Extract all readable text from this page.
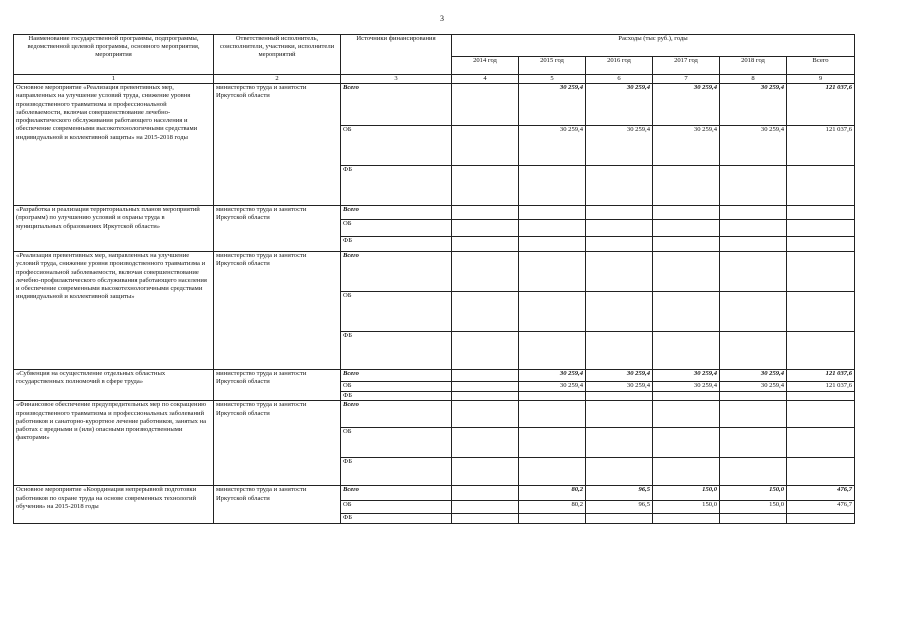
3
Наименование государственной программы, подпрограммы, ведомственной целевой программы, основного мероприятия, мероприятия	Ответственный исполнитель, соисполнители, участники, исполнители мероприятий	Источники финансирования	Расходы (тыс руб.), годы					
			2014 год	2015 год	2016 год	2017 год	2018 год	Всего
1	2	3	4	5	6	7	8	9
Основное мероприятие «Реализация превентивных мер, направленных на улучшение условий труда, снижение уровня производственного травматизма и профессиональной заболеваемости, включая совершенствование лечебно-профилактического обслуживания работающего населения и обеспечение современными высокотехнологичными средствами индивидуальной и коллективной защиты» на 2015-2018 годы	министерство труда и занятости Иркутской области	Всего		30 259,4	30 259,4	30 259,4	30 259,4	121 037,6
		ОБ		30 259,4	30 259,4	30 259,4	30 259,4	121 037,6
		ФБ						
«Разработка и реализация территориальных планов мероприятий (программ) по улучшению условий и охраны труда в муниципальных образованиях Иркутской области»	министерство труда и занятости Иркутской области	Всего						
		ОБ						
		ФБ						
«Реализация превентивных мер, направленных на улучшение условий труда, снижение уровня производственного травматизма и профессиональной заболеваемости, включая совершенствование лечебно-профилактического обслуживания работающего населения и обеспечение современными высокотехнологичными средствами индивидуальной и коллективной защиты»	министерство труда и занятости Иркутской области	Всего						
		ОБ						
		ФБ						
«Субвенция на осуществление отдельных областных государственных полномочий в сфере труда»	министерство труда и занятости Иркутской области	Всего		30 259,4	30 259,4	30 259,4	30 259,4	121 037,6
		ОБ		30 259,4	30 259,4	30 259,4	30 259,4	121 037,6
		ФБ						
«Финансовое обеспечение предупредительных мер по сокращению производственного травматизма и профессиональных заболеваний работников и санаторно-курортное лечение работников, занятых на работах с вредными и (или) опасными производственными факторами»	министерство труда и занятости Иркутской области	Всего						
		ОБ						
		ФБ						
Основное мероприятие «Координация непрерывной подготовки работников по охране труда на основе современных технологий обучения» на 2015-2018 годы	министерство труда и занятости Иркутской области	Всего		80,2	96,5	150,0	150,0	476,7
		ОБ		80,2	96,5	150,0	150,0	476,7
		ФБ						
